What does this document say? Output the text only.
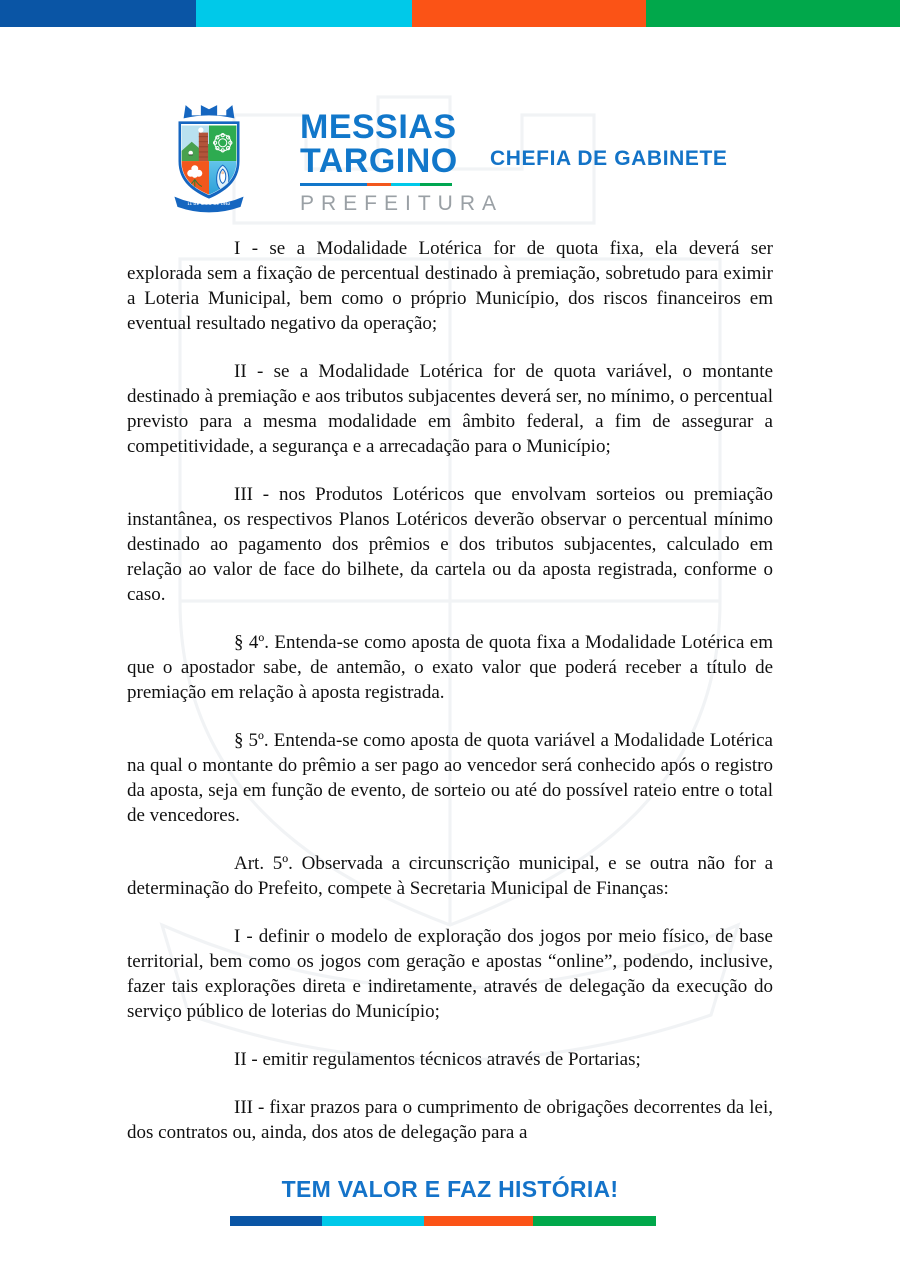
11 DE MAIO DE 1962
MESSIAS
TARGINO
PREFEITURA
CHEFIA DE GABINETE

I - se a Modalidade Lotérica for de quota fixa, ela deverá ser explorada sem a fixação de percentual destinado à premiação, sobretudo para eximir a Loteria Municipal, bem como o próprio Município, dos riscos financeiros em eventual resultado negativo da operação;

II - se a Modalidade Lotérica for de quota variável, o montante destinado à premiação e aos tributos subjacentes deverá ser, no mínimo, o percentual previsto para a mesma modalidade em âmbito federal, a fim de assegurar a competitividade, a segurança e a arrecadação para o Município;

III - nos Produtos Lotéricos que envolvam sorteios ou premiação instantânea, os respectivos Planos Lotéricos deverão observar o percentual mínimo destinado ao pagamento dos prêmios e dos tributos subjacentes, calculado em relação ao valor de face do bilhete, da cartela ou da aposta registrada, conforme o caso.

§ 4º. Entenda-se como aposta de quota fixa a Modalidade Lotérica em que o apostador sabe, de antemão, o exato valor que poderá receber a título de premiação em relação à aposta registrada.

§ 5º. Entenda-se como aposta de quota variável a Modalidade Lotérica na qual o montante do prêmio a ser pago ao vencedor será conhecido após o registro da aposta, seja em função de evento, de sorteio ou até do possível rateio entre o total de vencedores.

Art. 5º. Observada a circunscrição municipal, e se outra não for a determinação do Prefeito, compete à Secretaria Municipal de Finanças:

I - definir o modelo de exploração dos jogos por meio físico, de base territorial, bem como os jogos com geração e apostas “online”, podendo, inclusive, fazer tais explorações direta e indiretamente, através de delegação da execução do serviço público de loterias do Município;

II - emitir regulamentos técnicos através de Portarias;

III - fixar prazos para o cumprimento de obrigações decorrentes da lei, dos contratos ou, ainda, dos atos de delegação para a

TEM VALOR E FAZ HISTÓRIA!
